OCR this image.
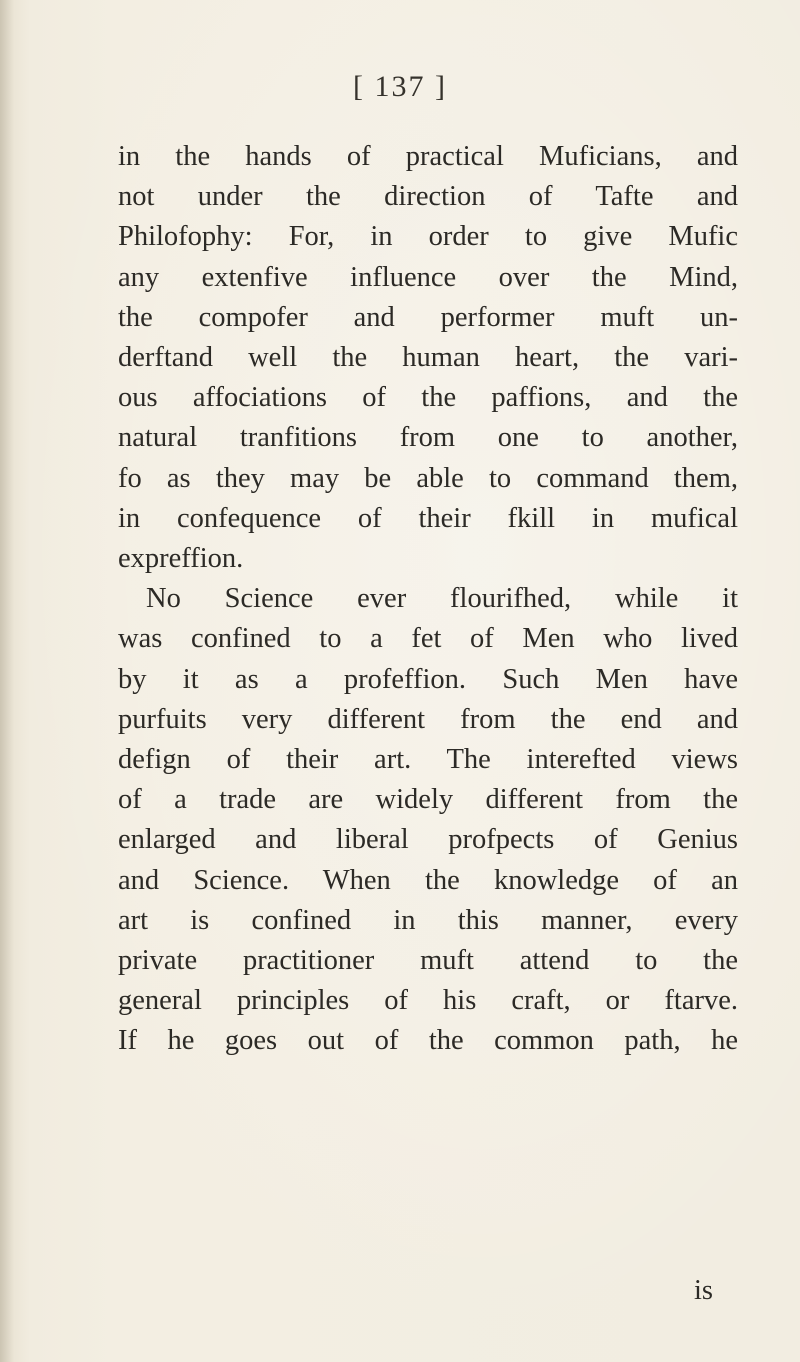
[ 137 ]
in the hands of practical Muficians, and
not under the direction of Tafte and
Philofophy: For, in order to give Mufic
any extenfive influence over the Mind,
the compofer and performer muft un-
derftand well the human heart, the vari-
ous affociations of the paffions, and the
natural tranfitions from one to another,
fo as they may be able to command them,
in confequence of their fkill in mufical
expreffion.
No Science ever flourifhed, while it
was confined to a fet of Men who lived
by it as a profeffion. Such Men have
purfuits very different from the end and
defign of their art. The interefted views
of a trade are widely different from the
enlarged and liberal profpects of Genius
and Science. When the knowledge of an
art is confined in this manner, every
private practitioner muft attend to the
general principles of his craft, or ftarve.
If he goes out of the common path, he
is
